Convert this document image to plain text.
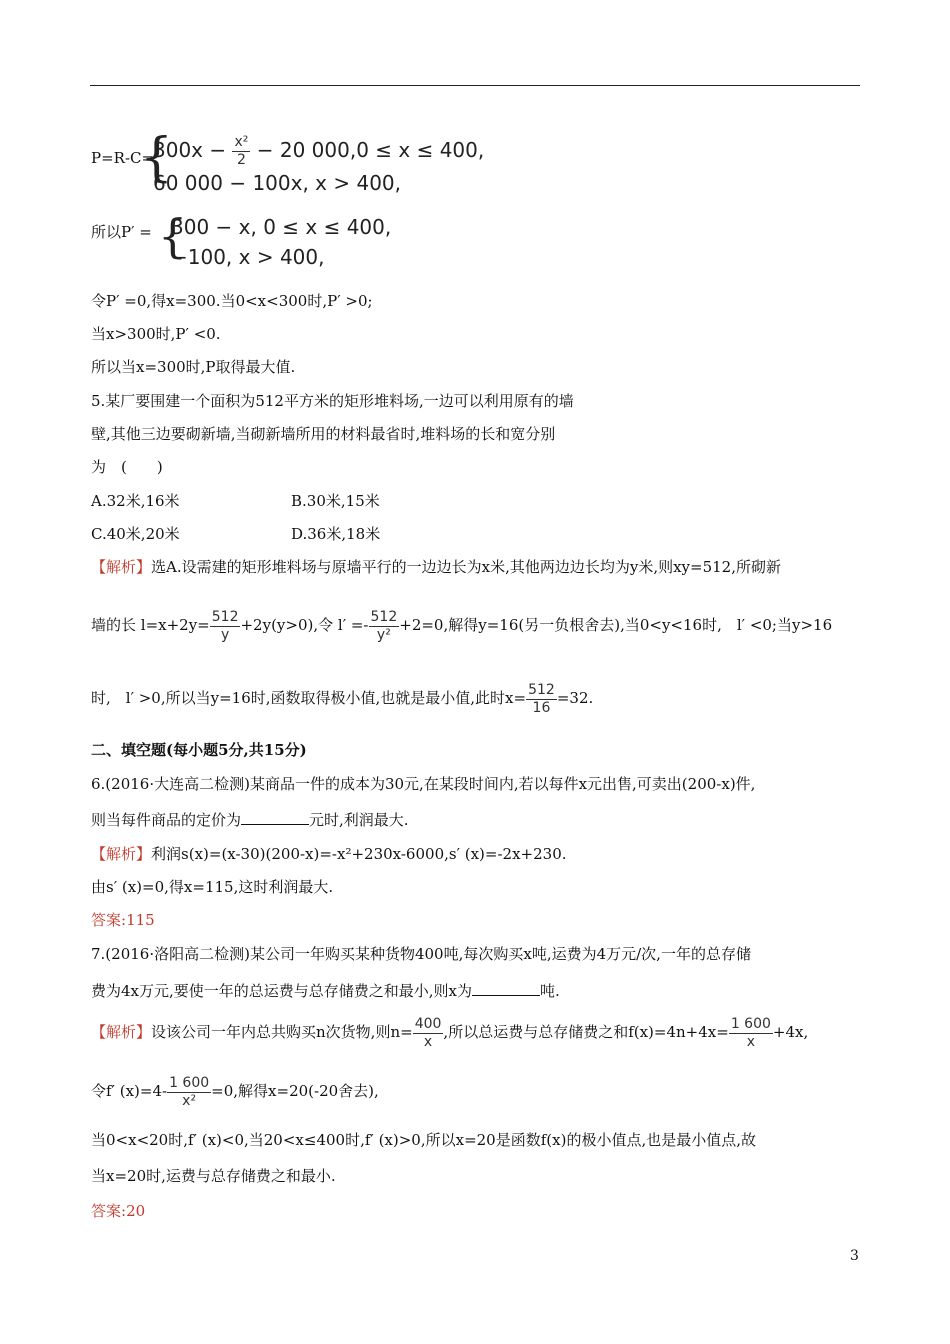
P=R-C=
{
$300x - \frac{\text{x²}}{2} - 20$ 000,0 ≤ x ≤ 400,
60 000 − 100x, x > 400,
所以P′ = {
300 − x, 0 ≤ x ≤ 400,
−100, x > 400,
令P′ =0,得x=300.当0<x<300时,P′ >0;
当x>300时,P′ <0.
所以当x=300时,P取得最大值.
5.某厂要围建一个面积为512平方米的矩形堆料场,一边可以利用原有的墙
壁,其他三边要砌新墙,当砌新墙所用的材料最省时,堆料场的长和宽分别
为　(　　)
A.32米,16米	B.30米,15米
C.40米,20米	D.36米,18米
【解析】选A.设需建的矩形堆料场与原墙平行的一边边长为x米,其他两边边长均为y米,则xy=512,所砌新
墙的长 $l=x+2y= \frac{512}{y} +2y(y>0)$,令 $l' =- \frac{512}{\text{y²}} +2=0$,解得y=16(另一负根舍去),当0<y<16时,　l′ <0;当y>16
时,　l′ >0,所以当y=16时,函数取得极小值,也就是最小值,此时$x= \frac{512}{16} =32$.
二、填空题(每小题5分,共15分)
6.(2016·大连高二检测)某商品一件的成本为30元,在某段时间内,若以每件x元出售,可卖出(200-x)件,
则当每件商品的定价为	元时,利润最大.
【解析】利润s(x)=(x-30)(200-x)=-x²+230x-6000,s′ (x)=-2x+230.
由s′ (x)=0,得x=115,这时利润最大.
答案:115
7.(2016·洛阳高二检测)某公司一年购买某种货物400吨,每次购买x吨,运费为4万元/次,一年的总存储
费为4x万元,要使一年的总运费与总存储费之和最小,则x为	吨.
【解析】设该公司一年内总共购买n次货物,则$n= \frac{400}{x}$ ,所以总运费与总存储费之和$f(x)=4n+4x= \frac{1 600}{x} +4x$,
令f′ $(x)=4- \frac{1 600}{\text{x²}} =0$,解得x=20(-20舍去),
当0<x<20时,f′ (x)<0,当20<x≤400时,f′ (x)>0,所以x=20是函数f(x)的极小值点,也是最小值点,故
当x=20时,运费与总存储费之和最小.
答案:20
3
